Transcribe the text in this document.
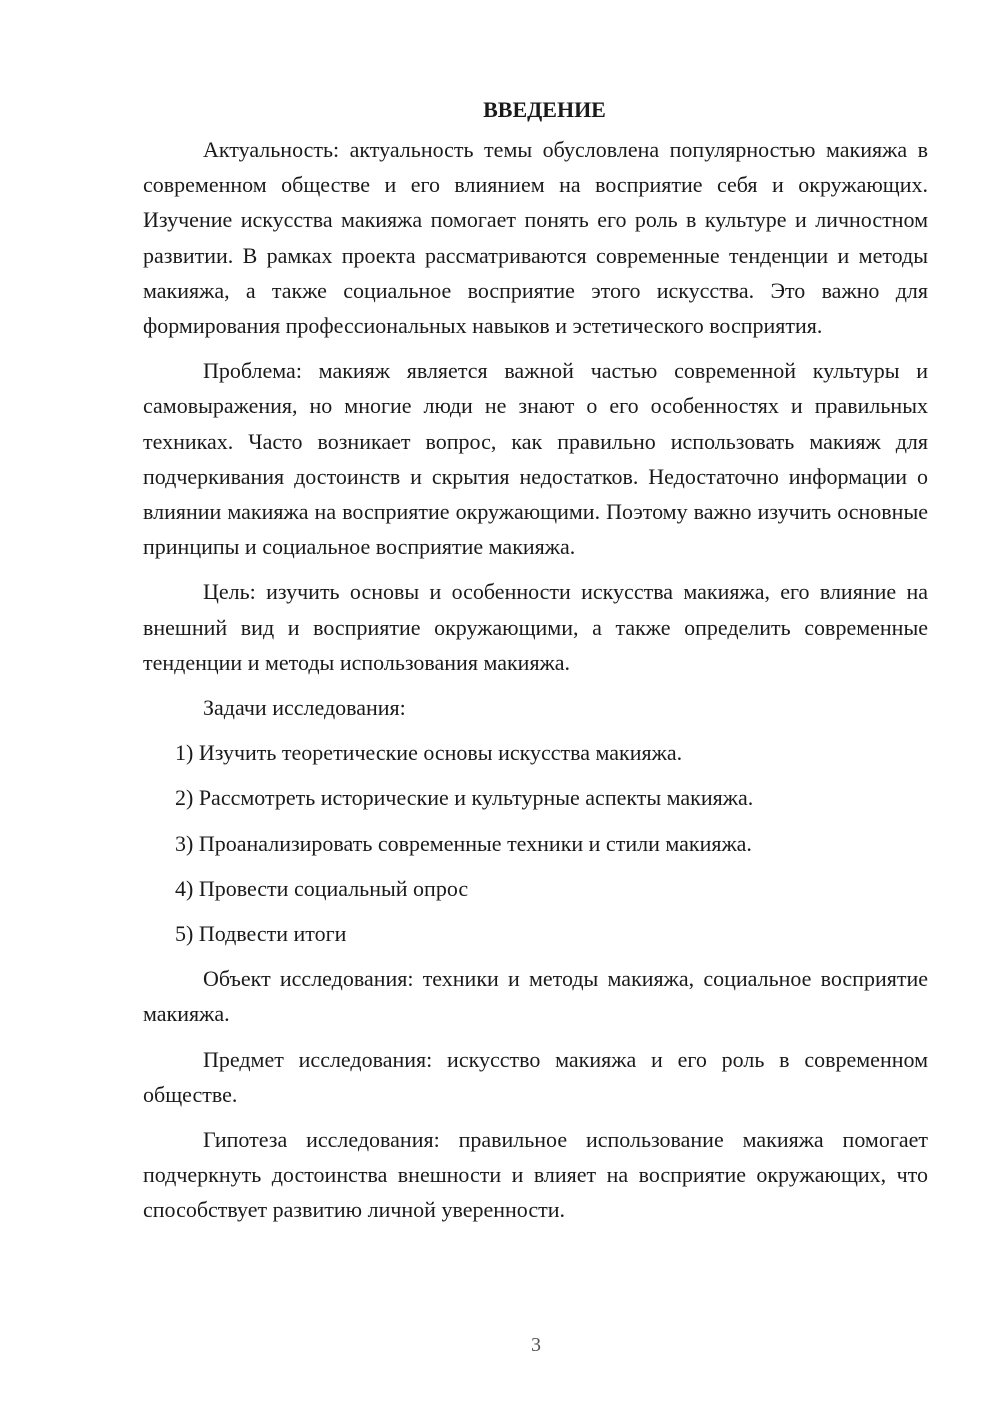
ВВЕДЕНИЕ

Актуальность: актуальность темы обусловлена популярностью макияжа в современном обществе и его влиянием на восприятие себя и окружающих. Изучение искусства макияжа помогает понять его роль в культуре и личностном развитии. В рамках проекта рассматриваются современные тенденции и методы макияжа, а также социальное восприятие этого искусства. Это важно для формирования профессиональных навыков и эстетического восприятия.

Проблема: макияж является важной частью современной культуры и самовыражения, но многие люди не знают о его особенностях и правильных техниках. Часто возникает вопрос, как правильно использовать макияж для подчеркивания достоинств и скрытия недостатков. Недостаточно информации о влиянии макияжа на восприятие окружающими. Поэтому важно изучить основные принципы и социальное восприятие макияжа.

Цель: изучить основы и особенности искусства макияжа, его влияние на внешний вид и восприятие окружающими, а также определить современные тенденции и методы использования макияжа.

Задачи исследования:

1) Изучить теоретические основы искусства макияжа.
2) Рассмотреть исторические и культурные аспекты макияжа.
3) Проанализировать современные техники и стили макияжа.
4) Провести социальный опрос
5) Подвести итоги

Объект исследования: техники и методы макияжа, социальное восприятие макияжа.

Предмет исследования: искусство макияжа и его роль в современном обществе.

Гипотеза исследования: правильное использование макияжа помогает подчеркнуть достоинства внешности и влияет на восприятие окружающих, что способствует развитию личной уверенности.

3
